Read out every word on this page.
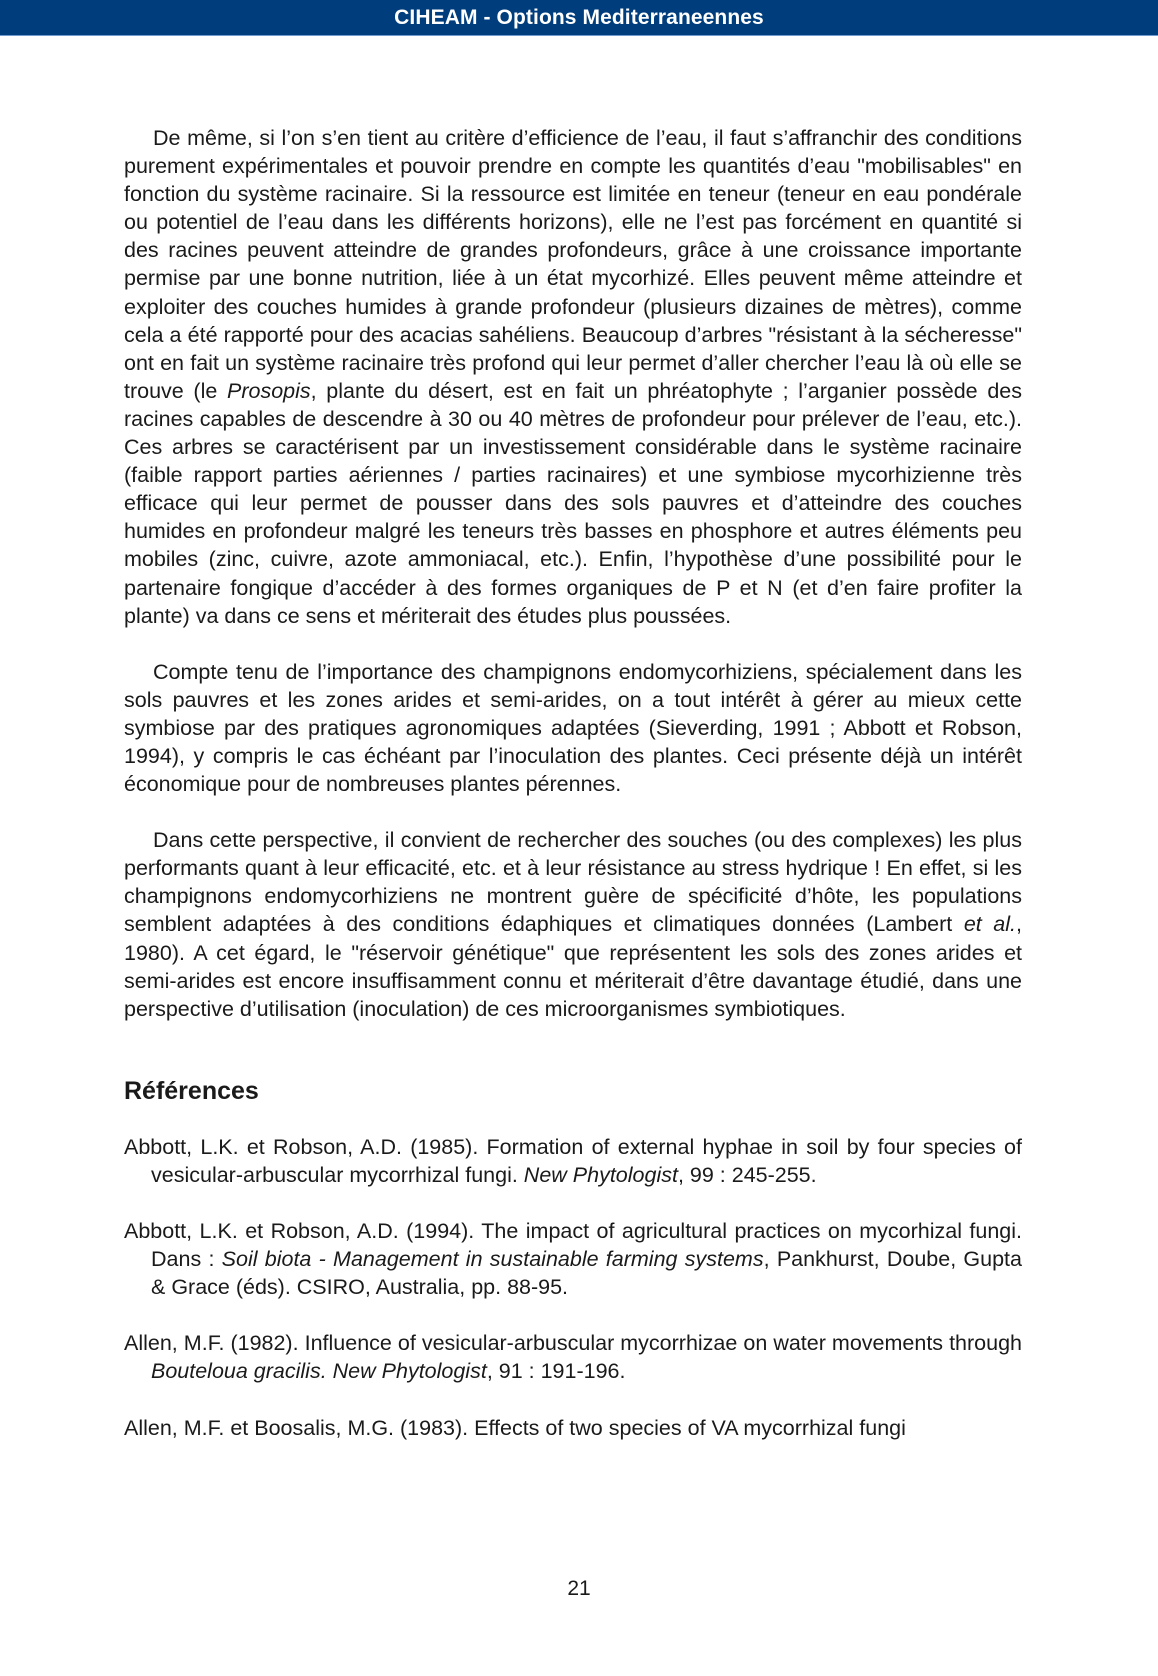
CIHEAM - Options Mediterraneennes

De même, si l’on s’en tient au critère d’efficience de l’eau, il faut s’affranchir des conditions purement expérimentales et pouvoir prendre en compte les quantités d’eau "mobilisables" en fonction du système racinaire. Si la ressource est limitée en teneur (teneur en eau pondérale ou potentiel de l’eau dans les différents horizons), elle ne l’est pas forcément en quantité si des racines peuvent atteindre de grandes profondeurs, grâce à une croissance importante permise par une bonne nutrition, liée à un état mycorhizé. Elles peuvent même atteindre et exploiter des couches humides à grande profondeur (plusieurs dizaines de mètres), comme cela a été rapporté pour des acacias sahéliens. Beaucoup d’arbres "résistant à la sécheresse" ont en fait un système racinaire très profond qui leur permet d’aller chercher l’eau là où elle se trouve (le Prosopis, plante du désert, est en fait un phréatophyte ; l’arganier possède des racines capables de descendre à 30 ou 40 mètres de profondeur pour prélever de l’eau, etc.). Ces arbres se caractérisent par un investissement considérable dans le système racinaire (faible rapport parties aériennes / parties racinaires) et une symbiose mycorhizienne très efficace qui leur permet de pousser dans des sols pauvres et d’atteindre des couches humides en profondeur malgré les teneurs très basses en phosphore et autres éléments peu mobiles (zinc, cuivre, azote ammoniacal, etc.). Enfin, l’hypothèse d’une possibilité pour le partenaire fongique d’accéder à des formes organiques de P et N (et d’en faire profiter la plante) va dans ce sens et mériterait des études plus poussées.

Compte tenu de l’importance des champignons endomycorhiziens, spécialement dans les sols pauvres et les zones arides et semi-arides, on a tout intérêt à gérer au mieux cette symbiose par des pratiques agronomiques adaptées (Sieverding, 1991 ; Abbott et Robson, 1994), y compris le cas échéant par l’inoculation des plantes. Ceci présente déjà un intérêt économique pour de nombreuses plantes pérennes.

Dans cette perspective, il convient de rechercher des souches (ou des complexes) les plus performants quant à leur efficacité, etc. et à leur résistance au stress hydrique ! En effet, si les champignons endomycorhiziens ne montrent guère de spécificité d’hôte, les populations semblent adaptées à des conditions édaphiques et climatiques données (Lambert et al., 1980). A cet égard, le "réservoir génétique" que représentent les sols des zones arides et semi-arides est encore insuffisamment connu et mériterait d’être davantage étudié, dans une perspective d’utilisation (inoculation) de ces microorganismes symbiotiques.

Références

Abbott, L.K. et Robson, A.D. (1985). Formation of external hyphae in soil by four species of vesicular-arbuscular mycorrhizal fungi. New Phytologist, 99 : 245-255.

Abbott, L.K. et Robson, A.D. (1994). The impact of agricultural practices on mycorhizal fungi. Dans : Soil biota - Management in sustainable farming systems, Pankhurst, Doube, Gupta & Grace (éds). CSIRO, Australia, pp. 88-95.

Allen, M.F. (1982). Influence of vesicular-arbuscular mycorrhizae on water movements through Bouteloua gracilis. New Phytologist, 91 : 191-196.

Allen, M.F. et Boosalis, M.G. (1983). Effects of two species of VA mycorrhizal fungi

21
